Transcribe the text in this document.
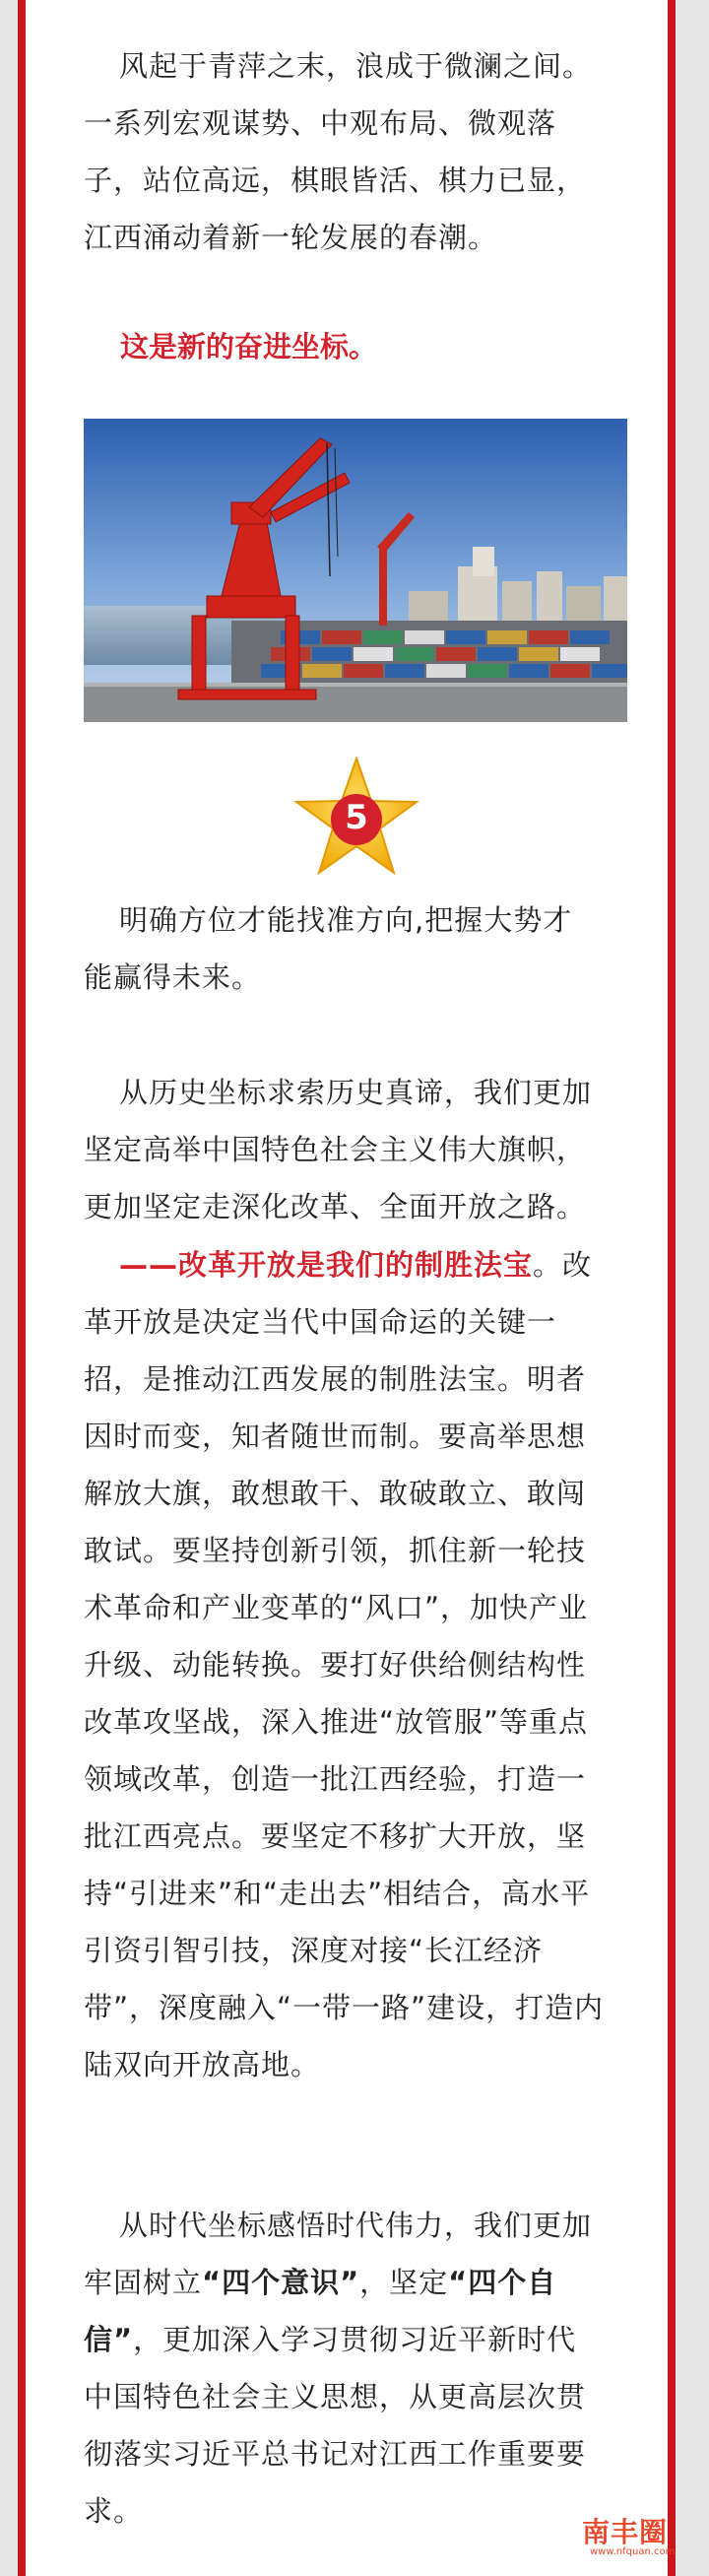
风起于青萍之末，浪成于微澜之间。

一系列宏观谋势、中观布局、微观落

子，站位高远，棋眼皆活、棋力已显，

江西涌动着新一轮发展的春潮。

这是新的奋进坐标。

5

明确方位才能找准方向,把握大势才

能赢得未来。

从历史坐标求索历史真谛，我们更加

坚定高举中国特色社会主义伟大旗帜，

更加坚定走深化改革、全面开放之路。

——改革开放是我们的制胜法宝。改

革开放是决定当代中国命运的关键一

招，是推动江西发展的制胜法宝。明者

因时而变，知者随世而制。要高举思想

解放大旗，敢想敢干、敢破敢立、敢闯

敢试。要坚持创新引领，抓住新一轮技

术革命和产业变革的“风口”，加快产业

升级、动能转换。要打好供给侧结构性

改革攻坚战，深入推进“放管服”等重点

领域改革，创造一批江西经验，打造一

批江西亮点。要坚定不移扩大开放，坚

持“引进来”和“走出去”相结合，高水平

引资引智引技，深度对接“长江经济

带”，深度融入“一带一路”建设，打造内

陆双向开放高地。

从时代坐标感悟时代伟力，我们更加

牢固树立“四个意识”，坚定“四个自

信”，更加深入学习贯彻习近平新时代

中国特色社会主义思想，从更高层次贯

彻落实习近平总书记对江西工作重要要

求。

南丰圈
www.nfquan.com
